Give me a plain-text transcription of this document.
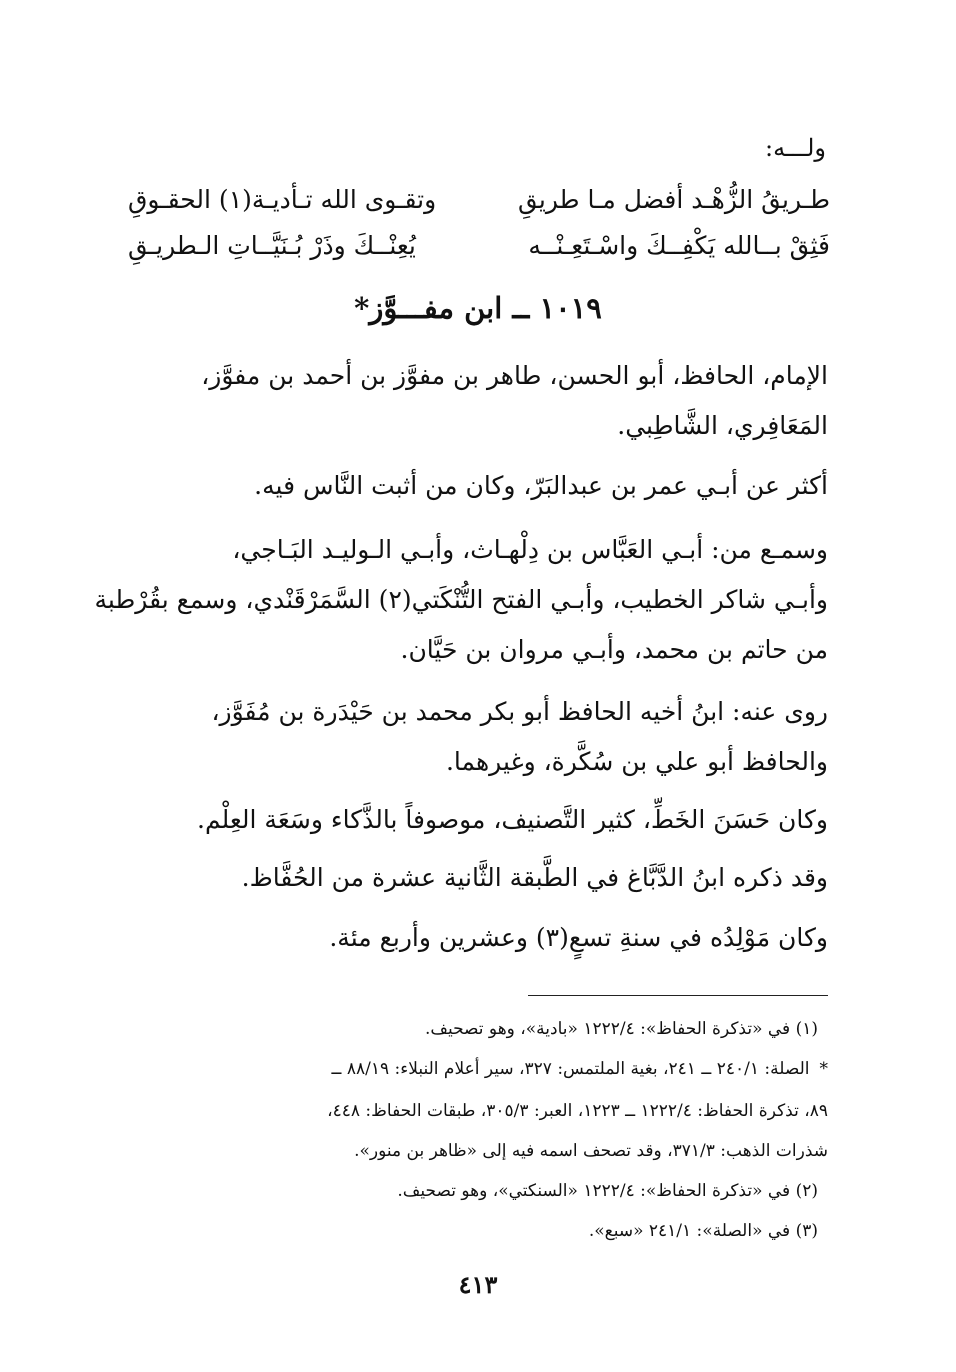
ولـــه:
طـريقُ الزُّهْـد أفضل مـا طريقِ
وتقـوى الله تـأديـة(١) الحقـوقِ
فَثِقْ بــالله يَكْفِــكَ واسْـتَعِـنْــه
يُعِنْــكَ وذَرْ بُـنَيَّــاتِ الـطريـقِ
١٠١٩ ــ ابن مفـــوَّز*
الإمام، الحافظ، أبو الحسن، طاهر بن مفوَّز بن أحمد بن مفوَّز،
المَعَافِري، الشَّاطِبي.
أكثر عن أبـي عمر بن عبدالبَرّ، وكان من أثبت النَّاس فيه.
وسمـع من: أبـي العَبَّاس بن دِلْهـاث، وأبـي الـوليـد البَـاجي،
وأبـي شاكر الخطيب، وأبـي الفتح التُّنْكَتي(٢) السَّمَرْقَنْدي، وسمع بقُرْطبة
من حاتم بن محمد، وأبـي مروان بن حَيَّان.
روى عنه: ابنُ أخيه الحافظ أبو بكر محمد بن حَيْدَرة بن مُفَوَّز،
والحافظ أبو علي بن سُكَّرة، وغيرهما.
وكان حَسَنَ الخَطِّ، كثير التَّصنيف، موصوفاً بالذَّكاء وسَعَة العِلْم.
وقد ذكره ابنُ الدَّبَّاغ في الطَّبقة الثَّانية عشرة من الحُفَّاظ.
وكان مَوْلِدُه في سنةِ تسعٍ(٣) وعشرين وأربع مئة.
(١) في «تذكرة الحفاظ»: ١٢٢٢/٤ «بادية»، وهو تصحيف.
*الصلة: ٢٤٠/١ ــ ٢٤١، بغية الملتمس: ٣٢٧، سير أعلام النبلاء: ٨٨/١٩ ــ
٨٩، تذكرة الحفاظ: ١٢٢٢/٤ ــ ١٢٢٣، العبر: ٣٠٥/٣، طبقات الحفاظ: ٤٤٨،
شذرات الذهب: ٣٧١/٣، وقد تصحف اسمه فيه إلى «ظاهر بن منور».
(٢) في «تذكرة الحفاظ»: ١٢٢٢/٤ «السنكتي»، وهو تصحيف.
(٣) في «الصلة»: ٢٤١/١ «سبع».
٤١٣
